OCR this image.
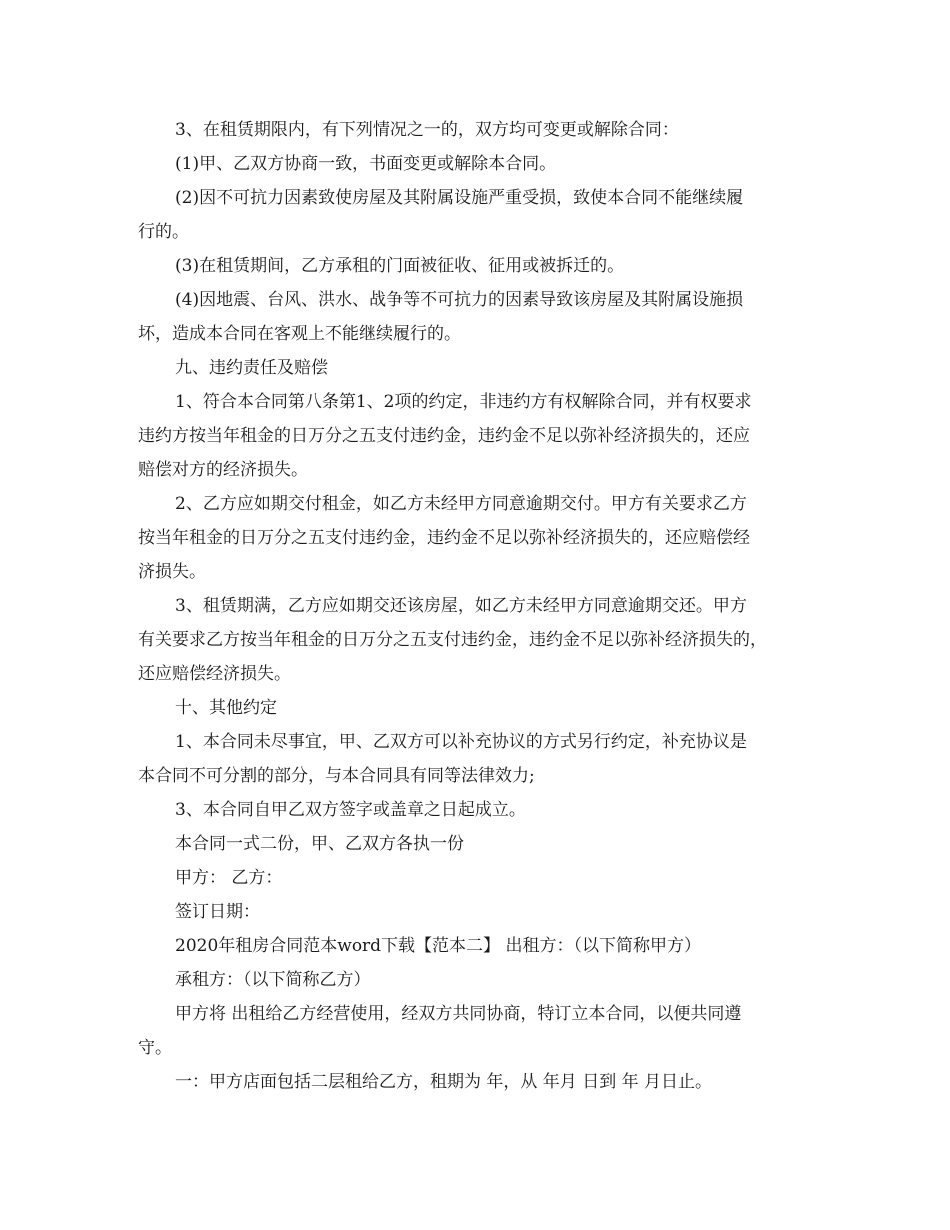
3、在租赁期限内，有下列情况之一的，双方均可变更或解除合同：
(1)甲、乙双方协商一致，书面变更或解除本合同。
(2)因不可抗力因素致使房屋及其附属设施严重受损，致使本合同不能继续履
行的。
(3)在租赁期间，乙方承租的门面被征收、征用或被拆迁的。
(4)因地震、台风、洪水、战争等不可抗力的因素导致该房屋及其附属设施损
坏，造成本合同在客观上不能继续履行的。
九、违约责任及赔偿
1、符合本合同第八条第1、2项的约定，非违约方有权解除合同，并有权要求
违约方按当年租金的日万分之五支付违约金，违约金不足以弥补经济损失的，还应
赔偿对方的经济损失。
2、乙方应如期交付租金，如乙方未经甲方同意逾期交付。甲方有关要求乙方
按当年租金的日万分之五支付违约金，违约金不足以弥补经济损失的，还应赔偿经
济损失。
3、租赁期满，乙方应如期交还该房屋，如乙方未经甲方同意逾期交还。甲方
有关要求乙方按当年租金的日万分之五支付违约金，违约金不足以弥补经济损失的，
还应赔偿经济损失。
十、其他约定
1、本合同未尽事宜，甲、乙双方可以补充协议的方式另行约定，补充协议是
本合同不可分割的部分，与本合同具有同等法律效力;
3、本合同自甲乙双方签字或盖章之日起成立。
本合同一式二份，甲、乙双方各执一份
甲方： 乙方：
签订日期：
2020年租房合同范本word下载【范本二】 出租方：（以下简称甲方）
承租方：（以下简称乙方）
甲方将 出租给乙方经营使用，经双方共同协商，特订立本合同，以便共同遵
守。
一：甲方店面包括二层租给乙方，租期为 年，从 年月 日到 年 月日止。
